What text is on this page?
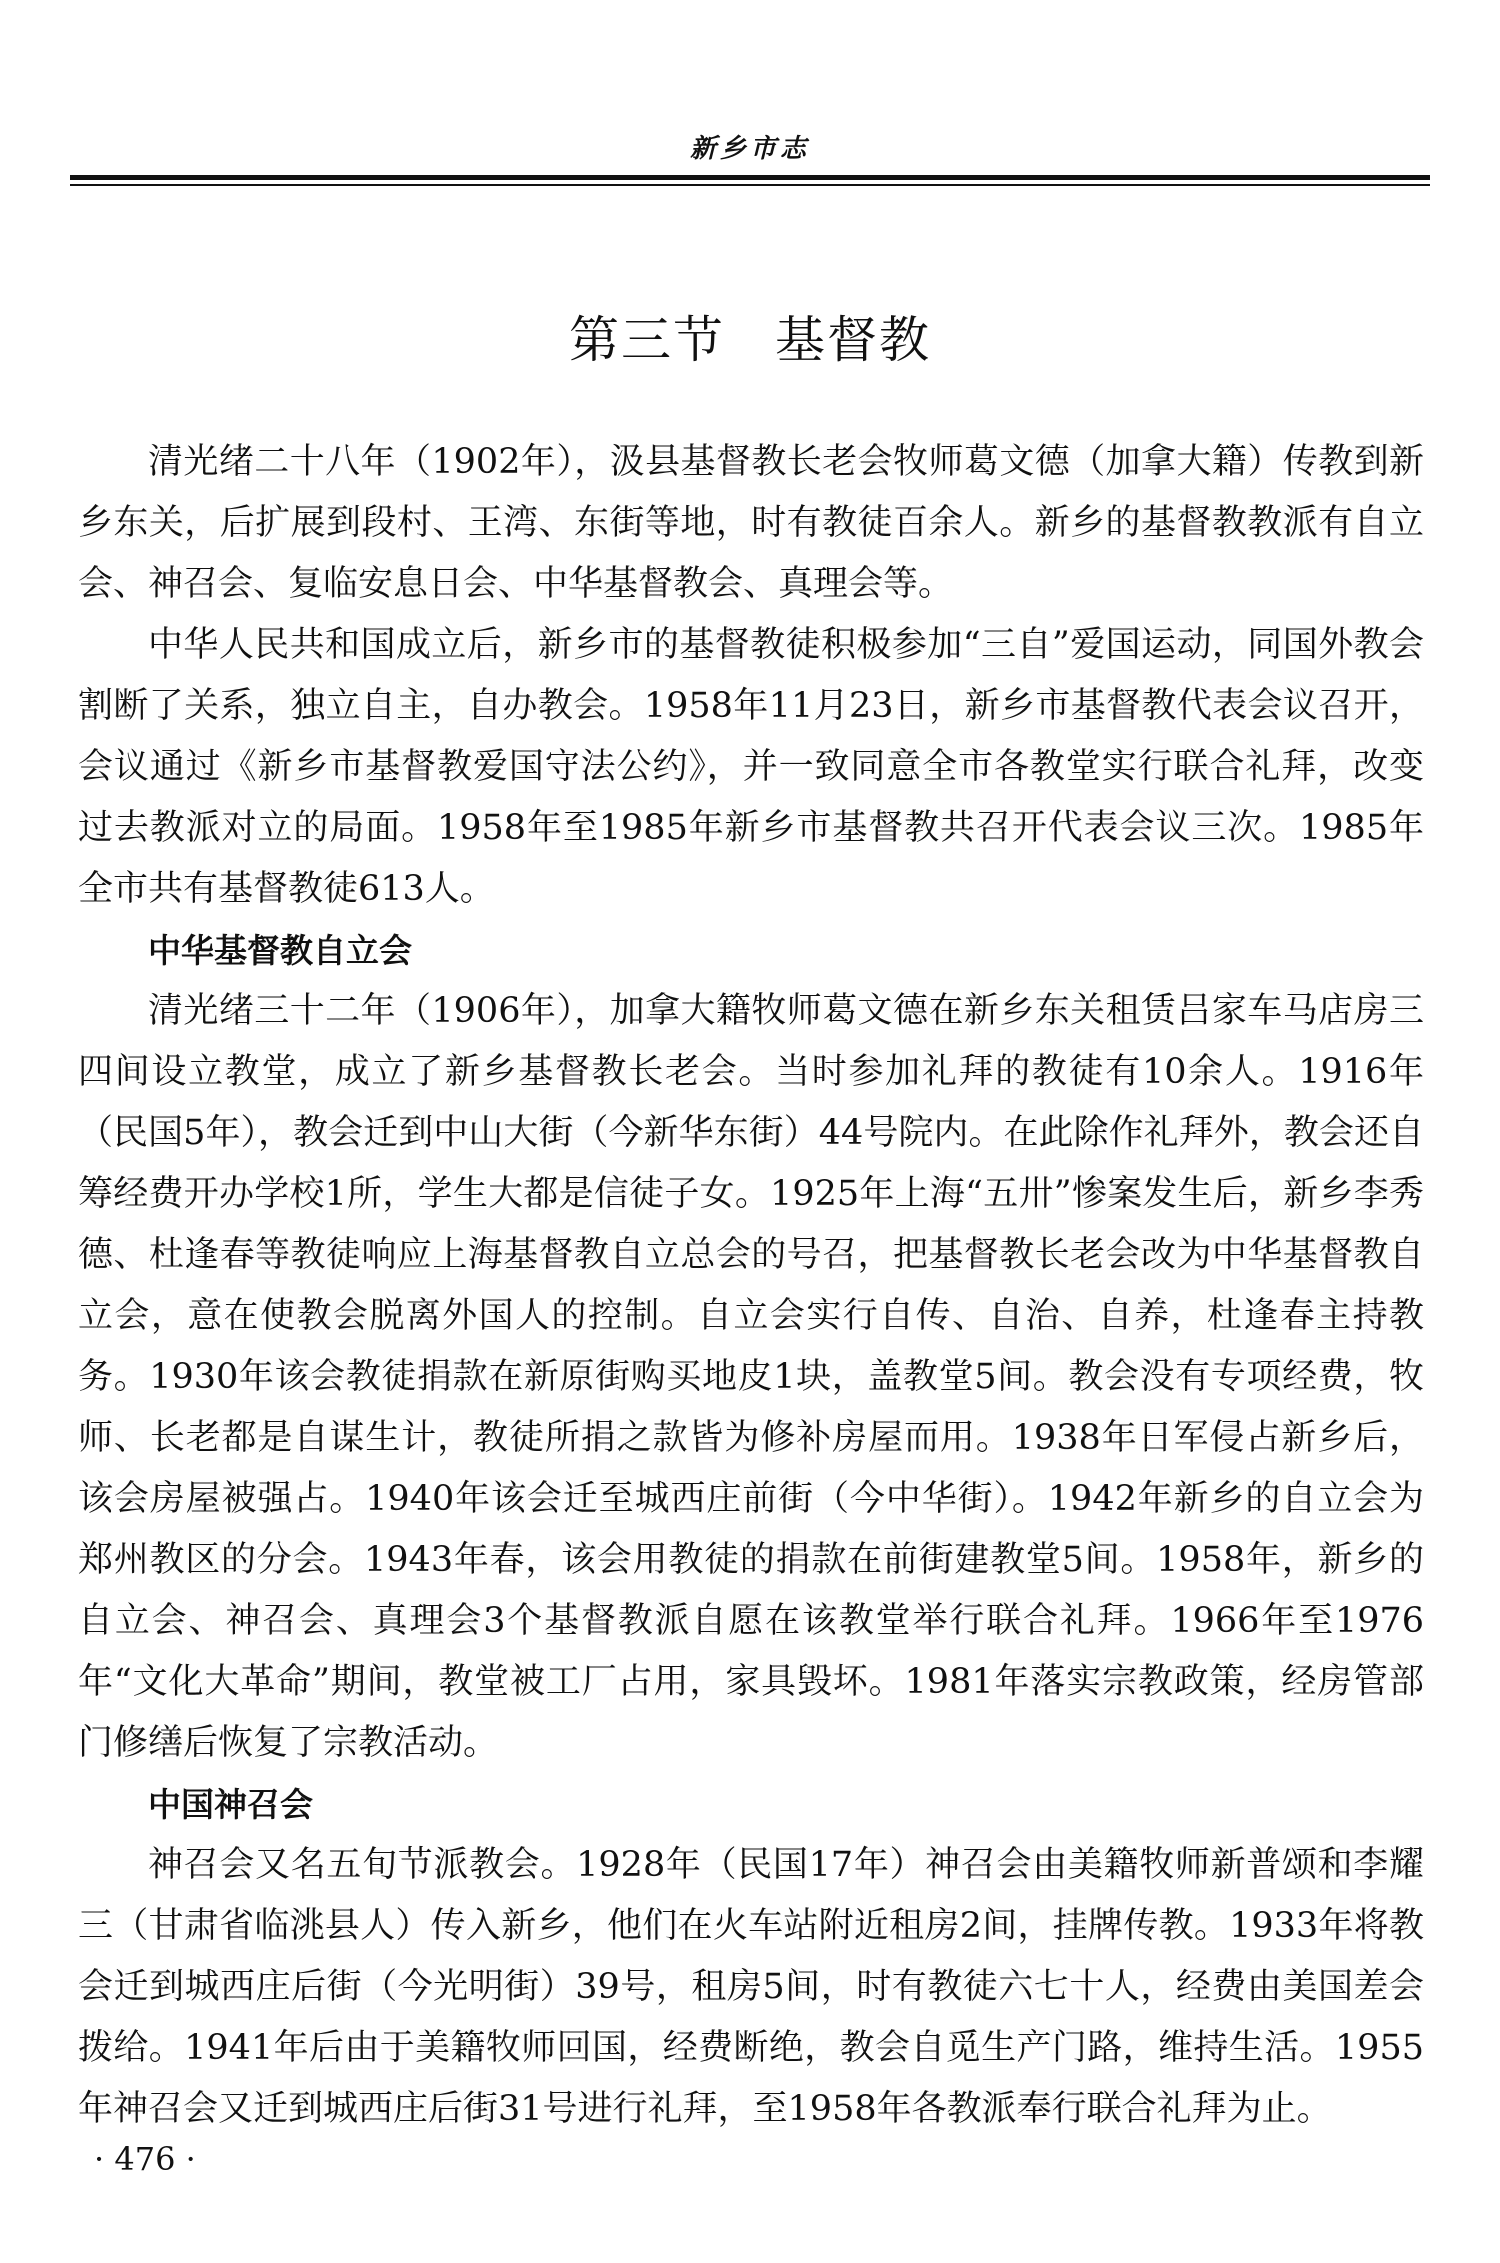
新乡市志
第三节 基督教

清光绪二十八年（1902年），汲县基督教长老会牧师葛文德（加拿大籍）传教到新乡东关，后扩展到段村、王湾、东街等地，时有教徒百余人。新乡的基督教教派有自立会、神召会、复临安息日会、中华基督教会、真理会等。

中华人民共和国成立后，新乡市的基督教徒积极参加“三自”爱国运动，同国外教会割断了关系，独立自主，自办教会。1958年11月23日，新乡市基督教代表会议召开，会议通过《新乡市基督教爱国守法公约》，并一致同意全市各教堂实行联合礼拜，改变过去教派对立的局面。1958年至1985年新乡市基督教共召开代表会议三次。1985年全市共有基督教徒613人。

中华基督教自立会

清光绪三十二年（1906年），加拿大籍牧师葛文德在新乡东关租赁吕家车马店房三四间设立教堂，成立了新乡基督教长老会。当时参加礼拜的教徒有10余人。1916年（民国5年），教会迁到中山大街（今新华东街）44号院内。在此除作礼拜外，教会还自筹经费开办学校1所，学生大都是信徒子女。1925年上海“五卅”惨案发生后，新乡李秀德、杜逢春等教徒响应上海基督教自立总会的号召，把基督教长老会改为中华基督教自立会，意在使教会脱离外国人的控制。自立会实行自传、自治、自养，杜逢春主持教务。1930年该会教徒捐款在新原街购买地皮1块，盖教堂5间。教会没有专项经费，牧师、长老都是自谋生计，教徒所捐之款皆为修补房屋而用。1938年日军侵占新乡后，该会房屋被强占。1940年该会迁至城西庄前街（今中华街）。1942年新乡的自立会为郑州教区的分会。1943年春，该会用教徒的捐款在前街建教堂5间。1958年，新乡的自立会、神召会、真理会3个基督教派自愿在该教堂举行联合礼拜。1966年至1976年“文化大革命”期间，教堂被工厂占用，家具毁坏。1981年落实宗教政策，经房管部门修缮后恢复了宗教活动。

中国神召会

神召会又名五旬节派教会。1928年（民国17年）神召会由美籍牧师新普颂和李耀三（甘肃省临洮县人）传入新乡，他们在火车站附近租房2间，挂牌传教。1933年将教会迁到城西庄后街（今光明街）39号，租房5间，时有教徒六七十人，经费由美国差会拨给。1941年后由于美籍牧师回国，经费断绝，教会自觅生产门路，维持生活。1955年神召会又迁到城西庄后街31号进行礼拜，至1958年各教派奉行联合礼拜为止。

· 476 ·
